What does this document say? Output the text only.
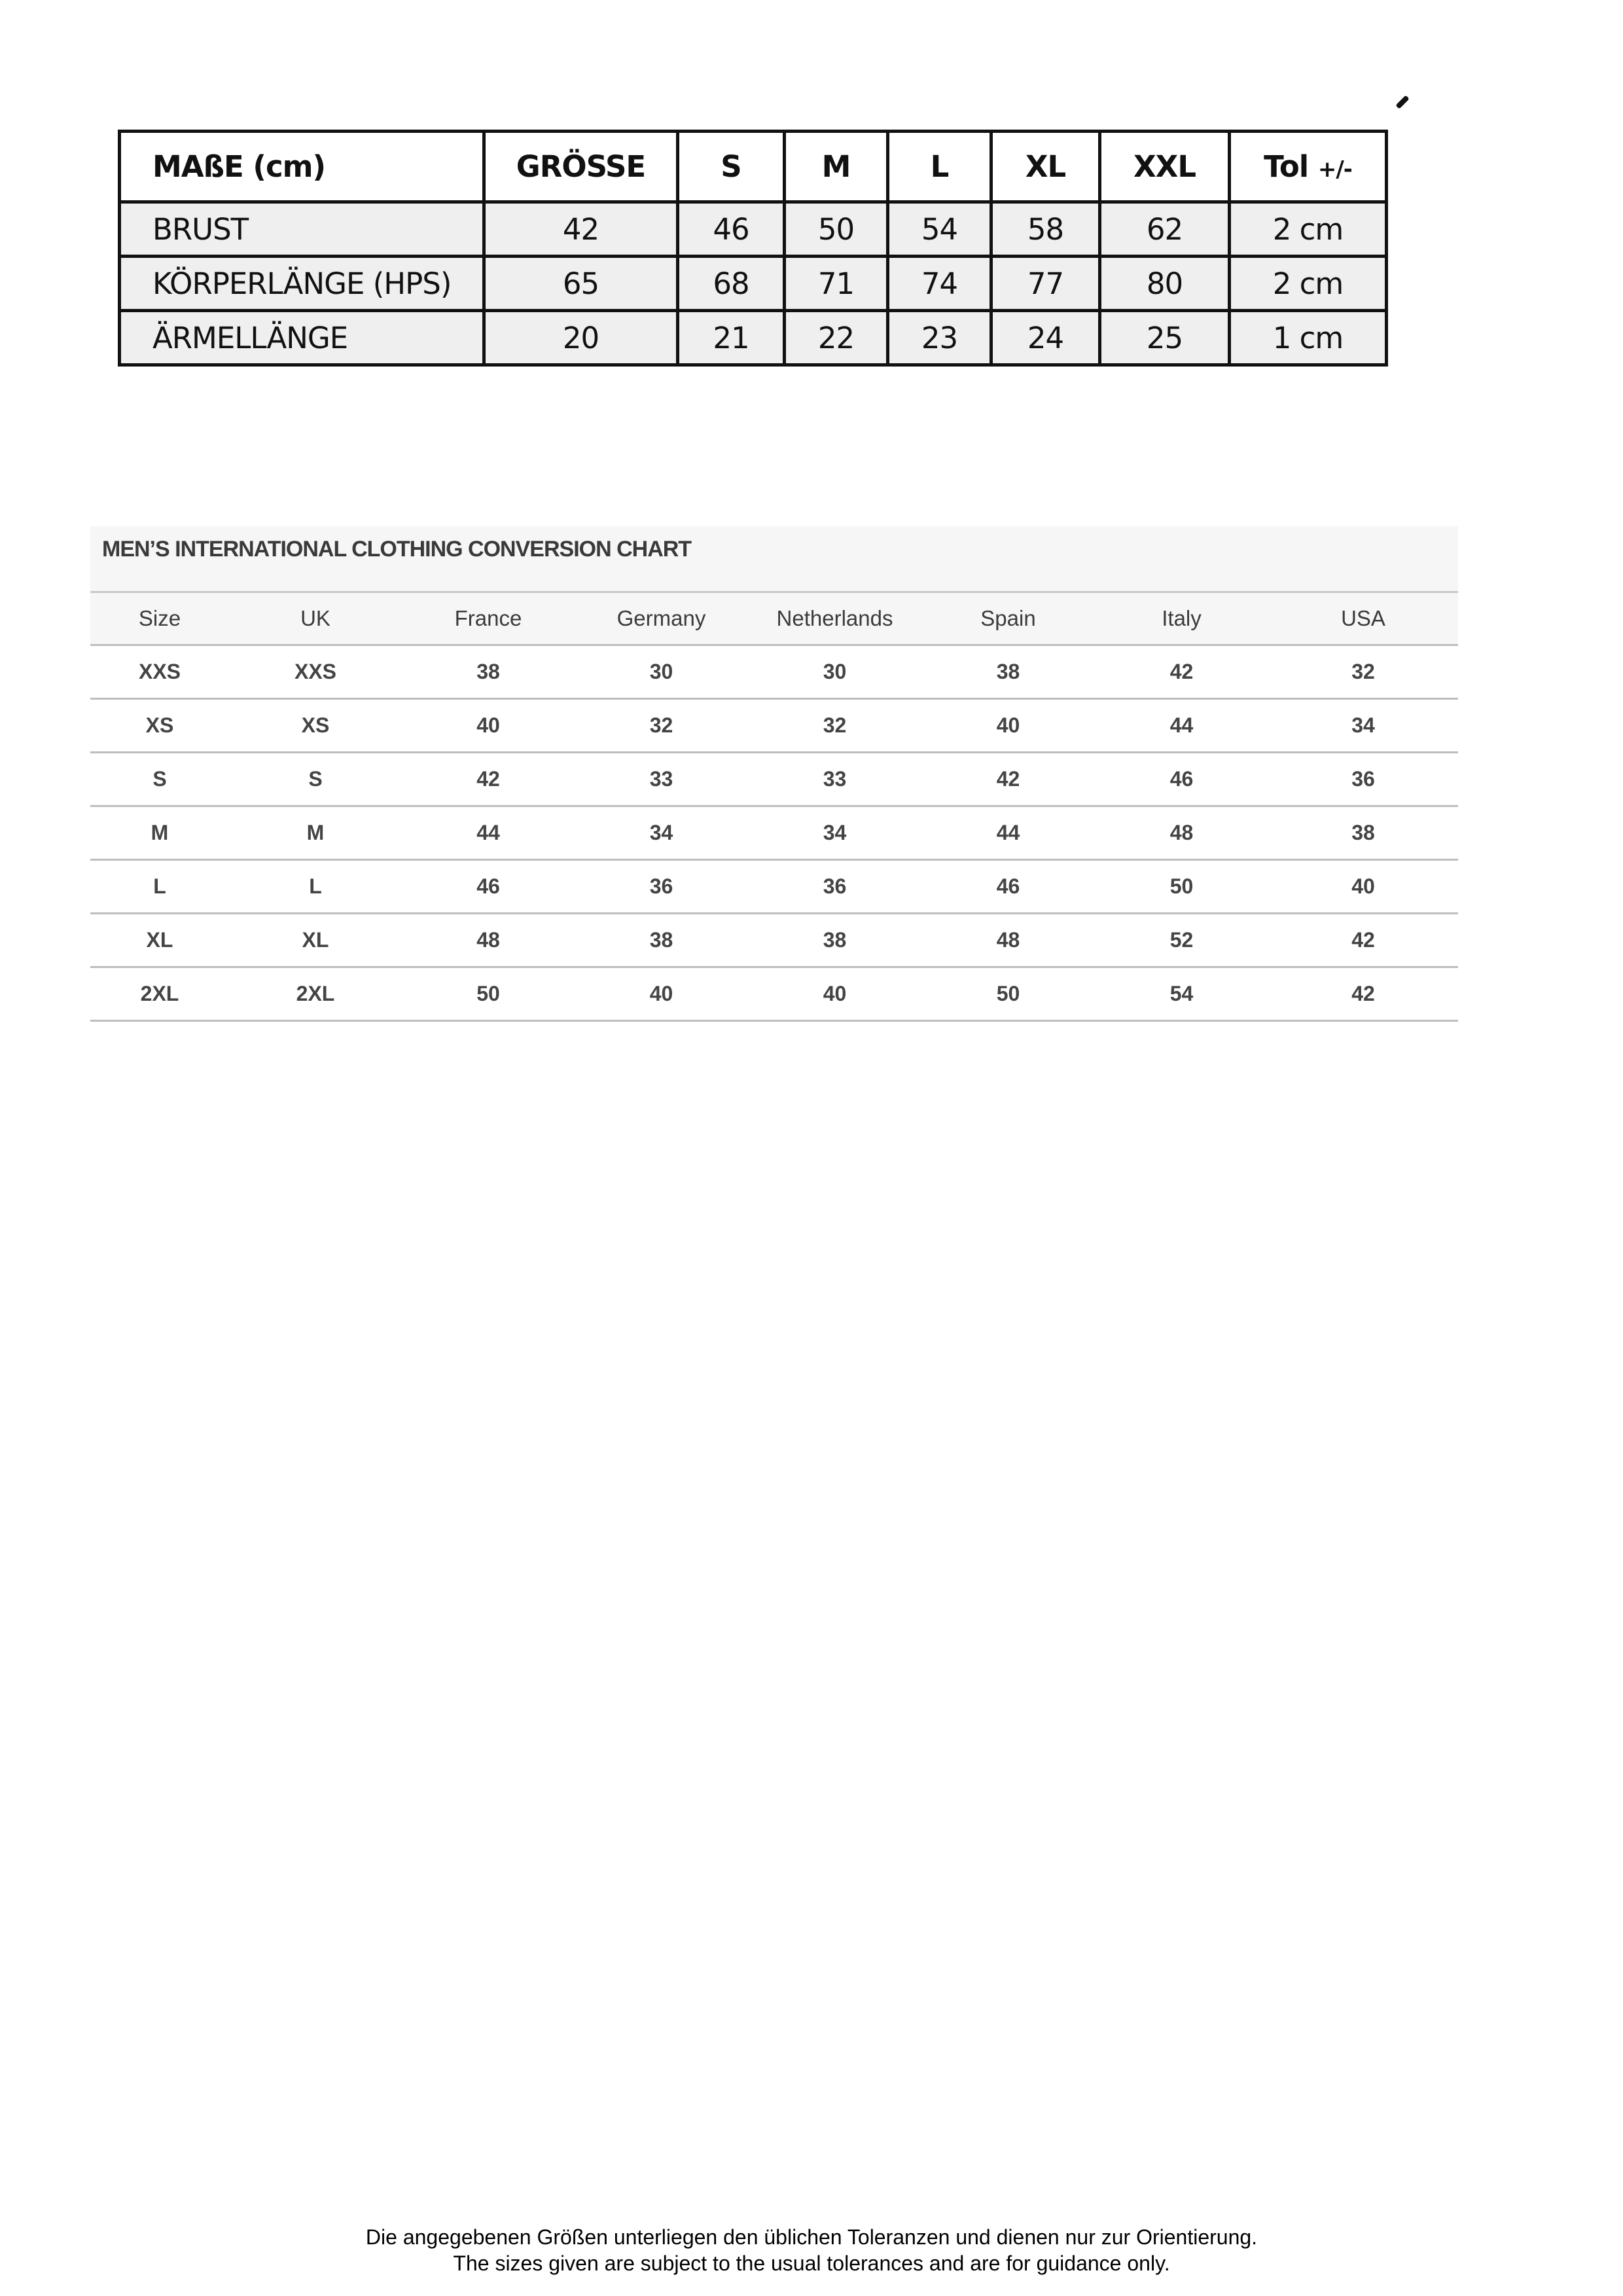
MAßE (cm)	GRÖSSE	S	M	L	XL	XXL	Tol +/-
BRUST	42	46	50	54	58	62	2 cm
KÖRPERLÄNGE (HPS)	65	68	71	74	77	80	2 cm
ÄRMELLÄNGE	20	21	22	23	24	25	1 cm
MEN’S INTERNATIONAL CLOTHING CONVERSION CHART
Size	UK	France	Germany	Netherlands	Spain	Italy	USA
XXS	XXS	38	30	30	38	42	32
XS	XS	40	32	32	40	44	34
S	S	42	33	33	42	46	36
M	M	44	34	34	44	48	38
L	L	46	36	36	46	50	40
XL	XL	48	38	38	48	52	42
2XL	2XL	50	40	40	50	54	42
Die angegebenen Größen unterliegen den üblichen Toleranzen und dienen nur zur Orientierung.
The sizes given are subject to the usual tolerances and are for guidance only.
